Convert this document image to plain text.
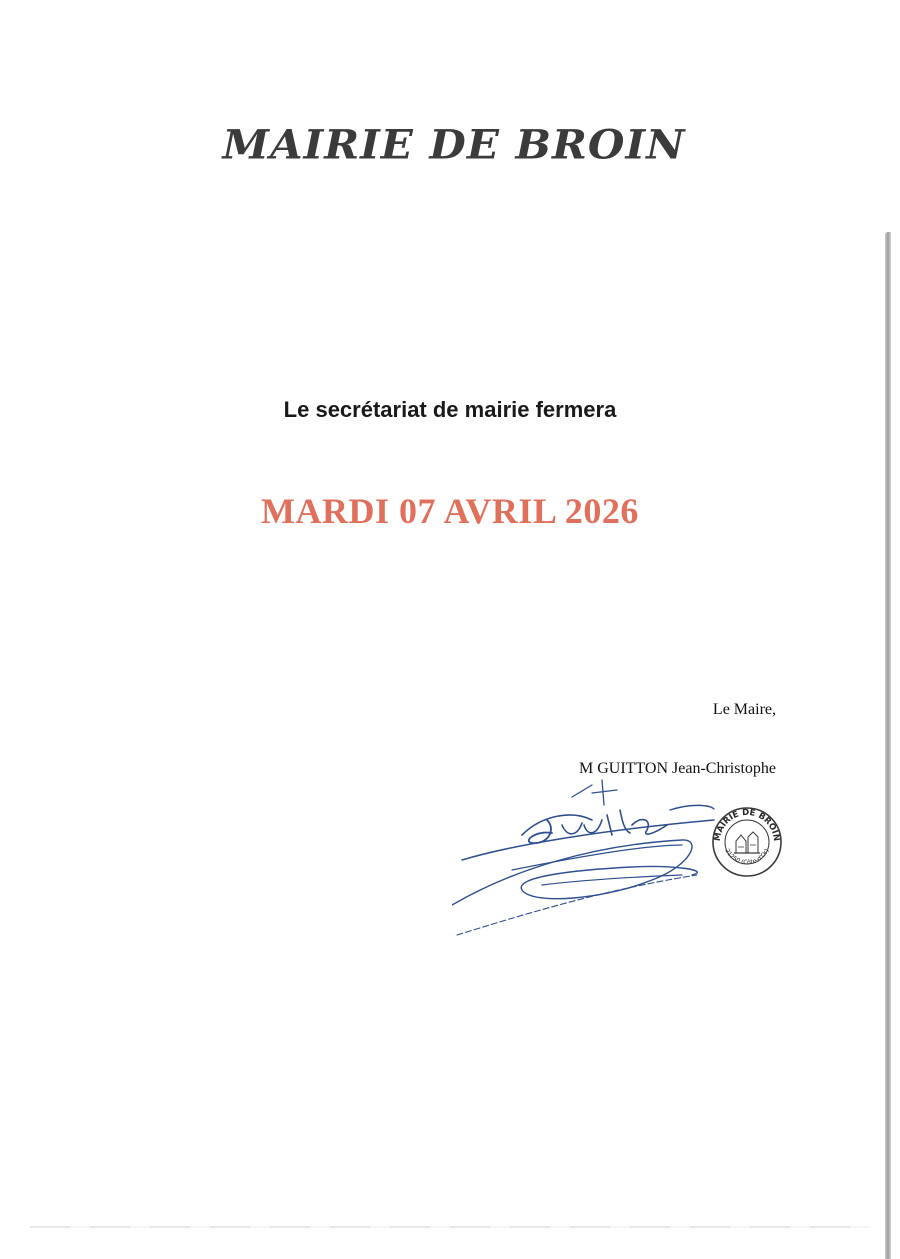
MAIRIE DE BROIN
Le secrétariat de mairie fermera
MARDI 07 AVRIL 2026
Le Maire,
M GUITTON Jean-Christophe
MAIRIE DE BROIN
21250 (Côte-d'Or)
